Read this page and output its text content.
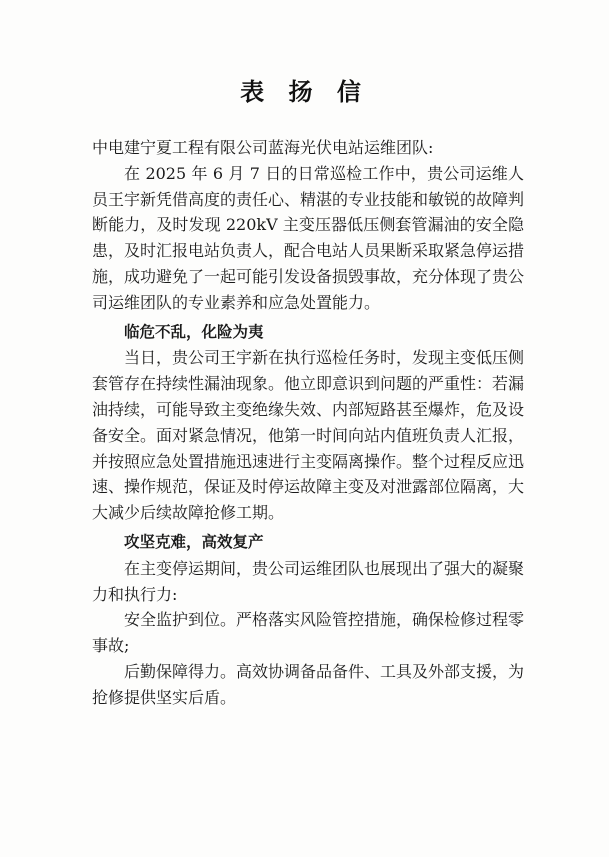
表 扬 信

中电建宁夏工程有限公司蓝海光伏电站运维团队:

在 2025 年 6 月 7 日的日常巡检工作中，贵公司运维人员王宇新凭借高度的责任心、精湛的专业技能和敏锐的故障判断能力，及时发现 220kV 主变压器低压侧套管漏油的安全隐患，及时汇报电站负责人，配合电站人员果断采取紧急停运措施，成功避免了一起可能引发设备损毁事故，充分体现了贵公司运维团队的专业素养和应急处置能力。

临危不乱，化险为夷

当日，贵公司王宇新在执行巡检任务时，发现主变低压侧套管存在持续性漏油现象。他立即意识到问题的严重性：若漏油持续，可能导致主变绝缘失效、内部短路甚至爆炸，危及设备安全。面对紧急情况，他第一时间向站内值班负责人汇报，并按照应急处置措施迅速进行主变隔离操作。整个过程反应迅速、操作规范，保证及时停运故障主变及对泄露部位隔离，大大减少后续故障抢修工期。

攻坚克难，高效复产

在主变停运期间，贵公司运维团队也展现出了强大的凝聚力和执行力:

安全监护到位。严格落实风险管控措施，确保检修过程零事故;

后勤保障得力。高效协调备品备件、工具及外部支援，为抢修提供坚实后盾。
